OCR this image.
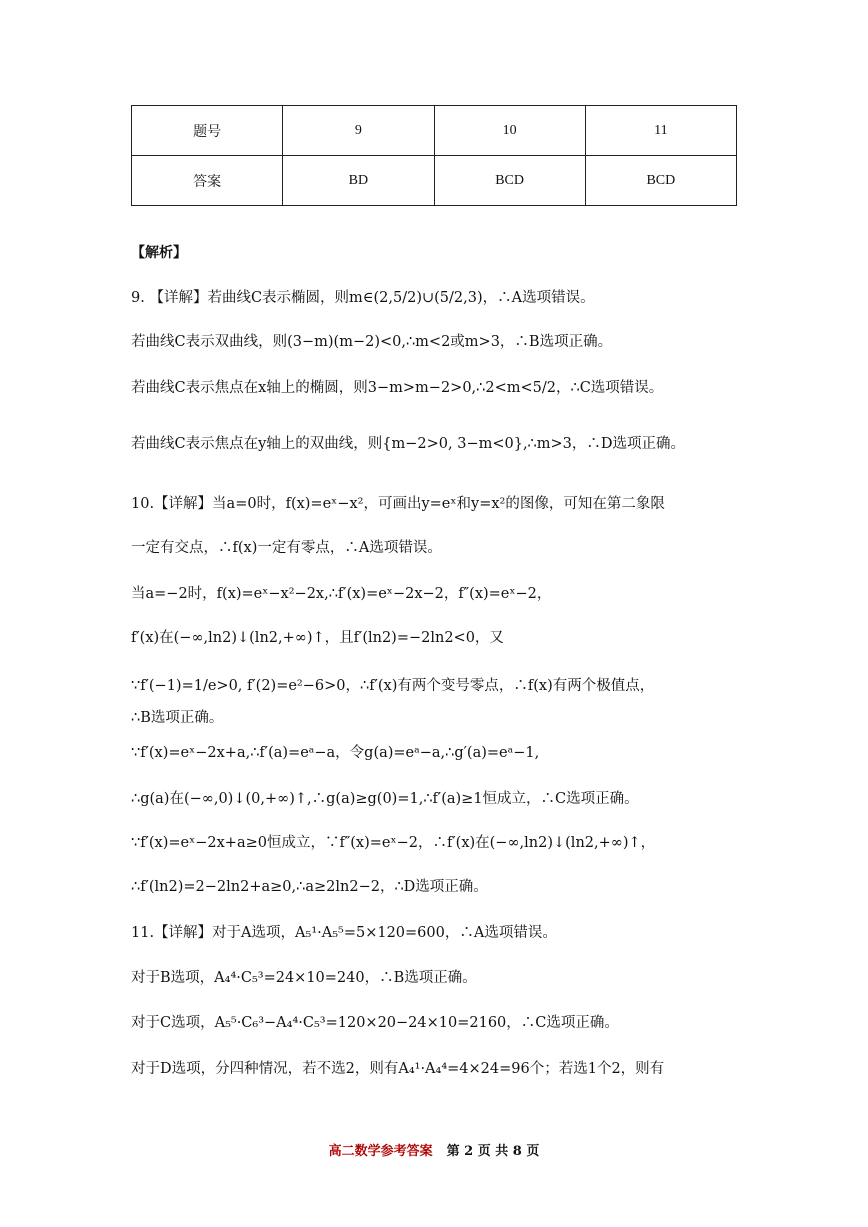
题号	9	10	11
答案	BD	BCD	BCD
【解析】
9. 【详解】若曲线C表示椭圆，则m∈(2,5/2)∪(5/2,3)，∴A选项错误。
若曲线C表示双曲线，则(3−m)(m−2)<0,∴m<2或m>3，∴B选项正确。
若曲线C表示焦点在x轴上的椭圆，则3−m>m−2>0,∴2<m<5/2，∴C选项错误。
若曲线C表示焦点在y轴上的双曲线，则{m−2>0, 3−m<0},∴m>3，∴D选项正确。
10.【详解】当a=0时，f(x)=eˣ−x²，可画出y=eˣ和y=x²的图像，可知在第二象限
一定有交点，∴f(x)一定有零点，∴A选项错误。
当a=−2时，f(x)=eˣ−x²−2x,∴f′(x)=eˣ−2x−2，f″(x)=eˣ−2，
f′(x)在(−∞,ln2)↓(ln2,+∞)↑，且f′(ln2)=−2ln2<0，又
∵f′(−1)=1/e>0, f′(2)=e²−6>0，∴f′(x)有两个变号零点，∴f(x)有两个极值点，
∴B选项正确。
∵f′(x)=eˣ−2x+a,∴f′(a)=eᵃ−a，令g(a)=eᵃ−a,∴g′(a)=eᵃ−1,
∴g(a)在(−∞,0)↓(0,+∞)↑,∴g(a)≥g(0)=1,∴f′(a)≥1恒成立，∴C选项正确。
∵f′(x)=eˣ−2x+a≥0恒成立，∵f″(x)=eˣ−2，∴f′(x)在(−∞,ln2)↓(ln2,+∞)↑，
∴f′(ln2)=2−2ln2+a≥0,∴a≥2ln2−2，∴D选项正确。
11.【详解】对于A选项，A₅¹·A₅⁵=5×120=600，∴A选项错误。
对于B选项，A₄⁴·C₅³=24×10=240，∴B选项正确。
对于C选项，A₅⁵·C₆³−A₄⁴·C₅³=120×20−24×10=2160，∴C选项正确。
对于D选项，分四种情况，若不选2，则有A₄¹·A₄⁴=4×24=96个；若选1个2，则有
高二数学参考答案 第 2 页 共 8 页
